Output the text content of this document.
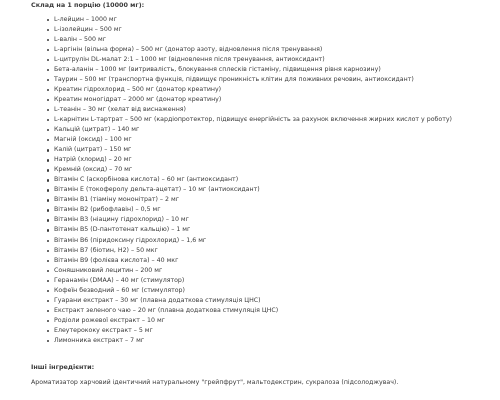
Склад на 1 порцію (10000 мг):
L-лейцин – 1000 мг
L-ізолейцин – 500 мг
L-валін – 500 мг
L-аргінін (вільна форма) – 500 мг (донатор азоту, відновлення після тренування)
L-цитрулін DL-малат 2:1 – 1000 мг (відновлення після тренування, антиоксидант)
Бета-аланін – 1000 мг (витривалість, блокування сплесків гістаміну, підвищення рівня карнозину)
Таурин – 500 мг (транспортна функція, підвищує проникність клітин для поживних речовин, антиоксидант)
Креатин гідрохлорид – 500 мг (донатор креатину)
Креатин моногідрат – 2000 мг (донатор креатину)
L-теанін – 30 мг (хелат від виснаження)
L-карнітин L-тартрат – 500 мг (кардіопротектор, підвищує енергійність за рахунок включення жирних кислот у роботу)
Кальцій (цитрат) – 140 мг
Магній (оксид) – 100 мг
Калій (цитрат) – 150 мг
Натрій (хлорид) – 20 мг
Кремній (оксид) – 70 мг
Вітамін С (аскорбінова кислота) – 60 мг (антиоксидант)
Вітамін Е (токоферолу дельта-ацетат) – 10 мг (антиоксидант)
Вітамін В1 (тіаміну мононітрат) – 2 мг
Вітамін В2 (рибофлавін) – 0,5 мг
Вітамін В3 (ніацину гідрохлорид) – 10 мг
Вітамін В5 (D-пантотенат кальцію) – 1 мг
Вітамін В6 (піридоксину гідрохлорид) – 1,6 мг
Вітамін В7 (біотин, Н2) – 50 мкг
Вітамін В9 (фолієва кислота) – 40 мкг
Соняшниковий лецитин – 200 мг
Геранамін (DMAA) – 40 мг (стимулятор)
Кофеїн безводний – 60 мг (стимулятор)
Гуарани екстракт – 30 мг (плавна додаткова стимуляція ЦНС)
Екстракт зеленого чаю – 20 мг (плавна додаткова стимуляція ЦНС)
Родіоли рожевої екстракт – 10 мг
Елеутерококу екстракт – 5 мг
Лимонника екстракт – 7 мг
Інші інгредієнти:
Ароматизатор харчовий ідентичний натуральному "грейпфрут", мальтодекстрин, сукралоза (підсолоджувач).
